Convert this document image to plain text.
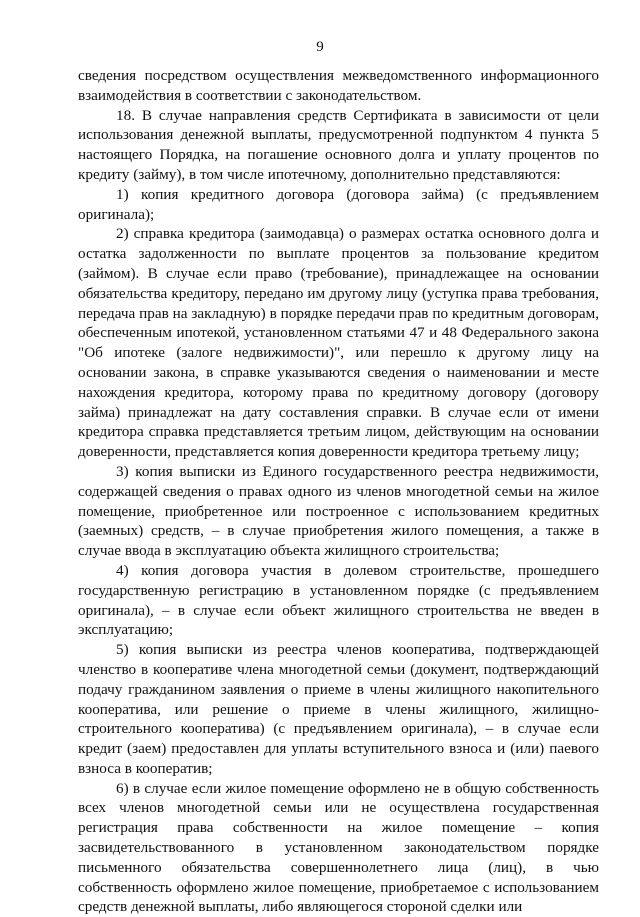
9

сведения посредством осуществления межведомственного информационного взаимодействия в соответствии с законодательством.

18. В случае направления средств Сертификата в зависимости от цели использования денежной выплаты, предусмотренной подпунктом 4 пункта 5 настоящего Порядка, на погашение основного долга и уплату процентов по кредиту (займу), в том числе ипотечному, дополнительно представляются:

1) копия кредитного договора (договора займа) (с предъявлением оригинала);

2) справка кредитора (заимодавца) о размерах остатка основного долга и остатка задолженности по выплате процентов за пользование кредитом (займом). В случае если право (требование), принадлежащее на основании обязательства кредитору, передано им другому лицу (уступка права требования, передача прав на закладную) в порядке передачи прав по кредитным договорам, обеспеченным ипотекой, установленном статьями 47 и 48 Федерального закона "Об ипотеке (залоге недвижимости)", или перешло к другому лицу на основании закона, в справке указываются сведения о наименовании и месте нахождения кредитора, которому права по кредитному договору (договору займа) принадлежат на дату составления справки. В случае если от имени кредитора справка представляется третьим лицом, действующим на основании доверенности, представляется копия доверенности кредитора третьему лицу;

3) копия выписки из Единого государственного реестра недвижимости, содержащей сведения о правах одного из членов многодетной семьи на жилое помещение, приобретенное или построенное с использованием кредитных (заемных) средств, – в случае приобретения жилого помещения, а также в случае ввода в эксплуатацию объекта жилищного строительства;

4) копия договора участия в долевом строительстве, прошедшего государственную регистрацию в установленном порядке (с предъявлением оригинала), – в случае если объект жилищного строительства не введен в эксплуатацию;

5) копия выписки из реестра членов кооператива, подтверждающей членство в кооперативе члена многодетной семьи (документ, подтверждающий подачу гражданином заявления о приеме в члены жилищного накопительного кооператива, или решение о приеме в члены жилищного, жилищно-строительного кооператива) (с предъявлением оригинала), – в случае если кредит (заем) предоставлен для уплаты вступительного взноса и (или) паевого взноса в кооператив;

6) в случае если жилое помещение оформлено не в общую собственность всех членов многодетной семьи или не осуществлена государственная регистрация права собственности на жилое помещение – копия засвидетельствованного в установленном законодательством порядке письменного обязательства совершеннолетнего лица (лиц), в чью собственность оформлено жилое помещение, приобретаемое с использованием средств денежной выплаты, либо являющегося стороной сделки или
